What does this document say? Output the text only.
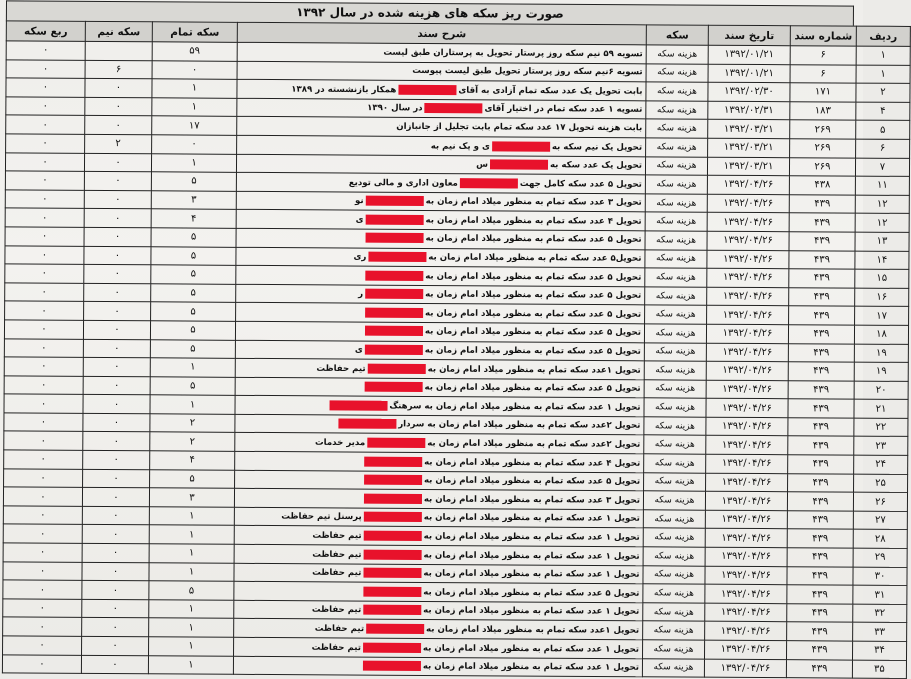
صورت ریز سکه های هزینه شده در سال ۱۳۹۲
ردیف	شماره سند	تاریخ سند	سکه	شرح سند	سکه تمام	سکه نیم	ربع سکه
۱	۶	۱۳۹۲/۰۱/۲۱	هزینه سکه	تسویه ۵۹ نیم سکه روز پرستار تحویل به پرستاران طبق لیست	۵۹		۰
۱	۶	۱۳۹۲/۰۱/۲۱	هزینه سکه	تسویه ۶نیم سکه روز پرستار تحویل طبق لیست پیوست	۰	۶	۰
۲	۱۷۱	۱۳۹۲/۰۲/۳۰	هزینه سکه	بابت تحویل یک عدد سکه تمام آزادی به آقایهمکار بازنشسته در ۱۳۸۹	۱	۰	۰
۴	۱۸۳	۱۳۹۲/۰۲/۳۱	هزینه سکه	تسویه ۱ عدد سکه تمام در اختیار آقایدر سال ۱۳۹۰	۱	۰	۰
۵	۲۶۹	۱۳۹۲/۰۳/۲۱	هزینه سکه	بابت هزینه تحویل ۱۷ عدد سکه تمام بابت تجلیل از جانبازان	۱۷	۰	۰
۶	۲۶۹	۱۳۹۲/۰۳/۲۱	هزینه سکه	تحویل یک نیم سکه بهی و یک نیم به	۰	۲	۰
۷	۲۶۹	۱۳۹۲/۰۳/۲۱	هزینه سکه	تحویل یک عدد سکه بهس	۱	۰	۰
۱۱	۴۳۸	۱۳۹۲/۰۴/۲۶	هزینه سکه	تحویل ۵ عدد سکه کامل جهتمعاون اداری و مالی تودیع	۵	۰	۰
۱۲	۴۳۹	۱۳۹۲/۰۴/۲۶	هزینه سکه	تحویل ۳ عدد سکه تمام به منظور میلاد امام زمان بهنو	۳	۰	۰
۱۲	۴۳۹	۱۳۹۲/۰۴/۲۶	هزینه سکه	تحویل ۴ عدد سکه تمام به منظور میلاد امام زمان بهی	۴	۰	۰
۱۳	۴۳۹	۱۳۹۲/۰۴/۲۶	هزینه سکه	تحویل ۵ عدد سکه تمام به منظور میلاد امام زمان به	۵	۰	۰
۱۴	۴۳۹	۱۳۹۲/۰۴/۲۶	هزینه سکه	تحویل۵ عدد سکه تمام به منظور میلاد امام زمان بهری	۵	۰	۰
۱۵	۴۳۹	۱۳۹۲/۰۴/۲۶	هزینه سکه	تحویل ۵ عدد سکه تمام به منظور میلاد امام زمان به	۵	۰	۰
۱۶	۴۳۹	۱۳۹۲/۰۴/۲۶	هزینه سکه	تحویل ۵ عدد سکه تمام به منظور میلاد امام زمان بهر	۵	۰	۰
۱۷	۴۳۹	۱۳۹۲/۰۴/۲۶	هزینه سکه	تحویل ۵ عدد سکه تمام به منظور میلاد امام زمان به	۵	۰	۰
۱۸	۴۳۹	۱۳۹۲/۰۴/۲۶	هزینه سکه	تحویل ۵ عدد سکه تمام به منظور میلاد امام زمان به	۵	۰	۰
۱۹	۴۳۹	۱۳۹۲/۰۴/۲۶	هزینه سکه	تحویل ۵ عدد سکه تمام به منظور میلاد امام زمان بهی	۵	۰	۰
۱۹	۴۳۹	۱۳۹۲/۰۴/۲۶	هزینه سکه	تحویل ۱عدد سکه تمام به منظور میلاد امام زمان بهتیم حفاظت	۱	۰	۰
۲۰	۴۳۹	۱۳۹۲/۰۴/۲۶	هزینه سکه	تحویل ۵ عدد سکه تمام به منظور میلاد امام زمان به	۵	۰	۰
۲۱	۴۳۹	۱۳۹۲/۰۴/۲۶	هزینه سکه	تحویل ۱ عدد سکه تمام به منظور میلاد امام زمان به سرهنگ	۱	۰	۰
۲۲	۴۳۹	۱۳۹۲/۰۴/۲۶	هزینه سکه	تحویل ۲عدد سکه تمام به منظور میلاد امام زمان به سردار	۲	۰	۰
۲۳	۴۳۹	۱۳۹۲/۰۴/۲۶	هزینه سکه	تحویل ۲عدد سکه تمام به منظور میلاد امام زمان بهمدیر خدمات	۲	۰	۰
۲۴	۴۳۹	۱۳۹۲/۰۴/۲۶	هزینه سکه	تحویل ۴ عدد سکه تمام به منظور میلاد امام زمان به	۴	۰	۰
۲۵	۴۳۹	۱۳۹۲/۰۴/۲۶	هزینه سکه	تحویل ۵ عدد سکه تمام به منظور میلاد امام زمان به	۵	۰	۰
۲۶	۴۳۹	۱۳۹۲/۰۴/۲۶	هزینه سکه	تحویل ۳ عدد سکه تمام به منظور میلاد امام زمان به	۳	۰	۰
۲۷	۴۳۹	۱۳۹۲/۰۴/۲۶	هزینه سکه	تحویل ۱ عدد سکه تمام به منظور میلاد امام زمان بهپرسنل تیم حفاظت	۱	۰	۰
۲۸	۴۳۹	۱۳۹۲/۰۴/۲۶	هزینه سکه	تحویل ۱ عدد سکه تمام به منظور میلاد امام زمان بهتیم حفاظت	۱	۰	۰
۲۹	۴۳۹	۱۳۹۲/۰۴/۲۶	هزینه سکه	تحویل ۱ عدد سکه تمام به منظور میلاد امام زمان بهتیم حفاظت	۱	۰	۰
۳۰	۴۳۹	۱۳۹۲/۰۴/۲۶	هزینه سکه	تحویل ۱ عدد سکه تمام به منظور میلاد امام زمان بهتیم حفاظت	۱	۰	۰
۳۱	۴۳۹	۱۳۹۲/۰۴/۲۶	هزینه سکه	تحویل ۵ عدد سکه تمام به منظور میلاد امام زمان به	۵	۰	۰
۳۲	۴۳۹	۱۳۹۲/۰۴/۲۶	هزینه سکه	تحویل ۱ عدد سکه تمام به منظور میلاد امام زمان بهتیم حفاظت	۱	۰	۰
۳۳	۴۳۹	۱۳۹۲/۰۴/۲۶	هزینه سکه	تحویل ۱عدد سکه تمام به منظور میلاد امام زمان بهتیم حفاظت	۱	۰	۰
۳۴	۴۳۹	۱۳۹۲/۰۴/۲۶	هزینه سکه	تحویل ۱ عدد سکه تمام به منظور میلاد امام زمان بهتیم حفاظت	۱	۰	۰
۳۵	۴۳۹	۱۳۹۲/۰۴/۲۶	هزینه سکه	تحویل ۱ عدد سکه تمام به منظور میلاد امام زمان به	۱	۰	۰
